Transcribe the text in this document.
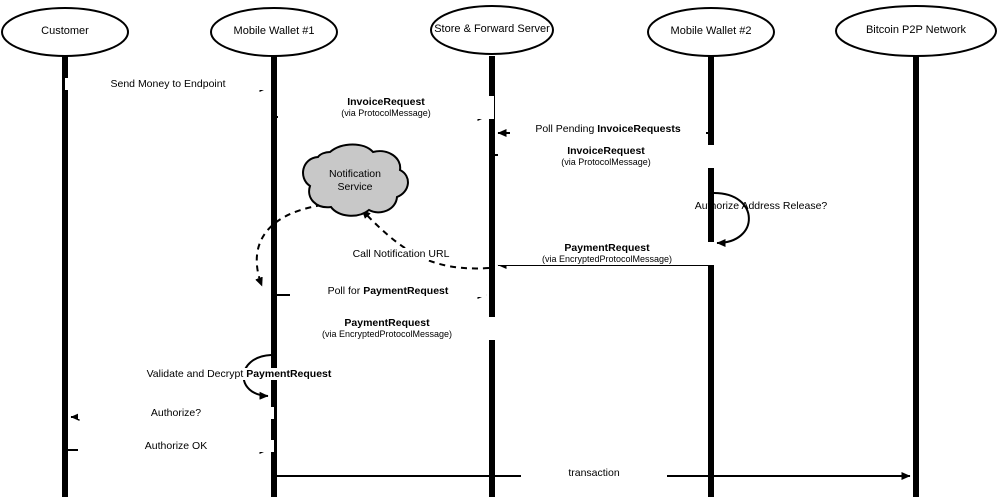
Customer	Mobile Wallet #1	Store & Forward Server	Mobile Wallet #2	Bitcoin P2P Network
Notification
Service
Send Money to Endpoint
InvoiceRequest
(via ProtocolMessage)
Poll Pending InvoiceRequests
InvoiceRequest
(via ProtocolMessage)
Authorize Address Release?
PaymentRequest
(via EncryptedProtocolMessage)
Call Notification URL
Poll for PaymentRequest
PaymentRequest
(via EncryptedProtocolMessage)
Validate and Decrypt PaymentRequest
Authorize?
Authorize OK
transaction
